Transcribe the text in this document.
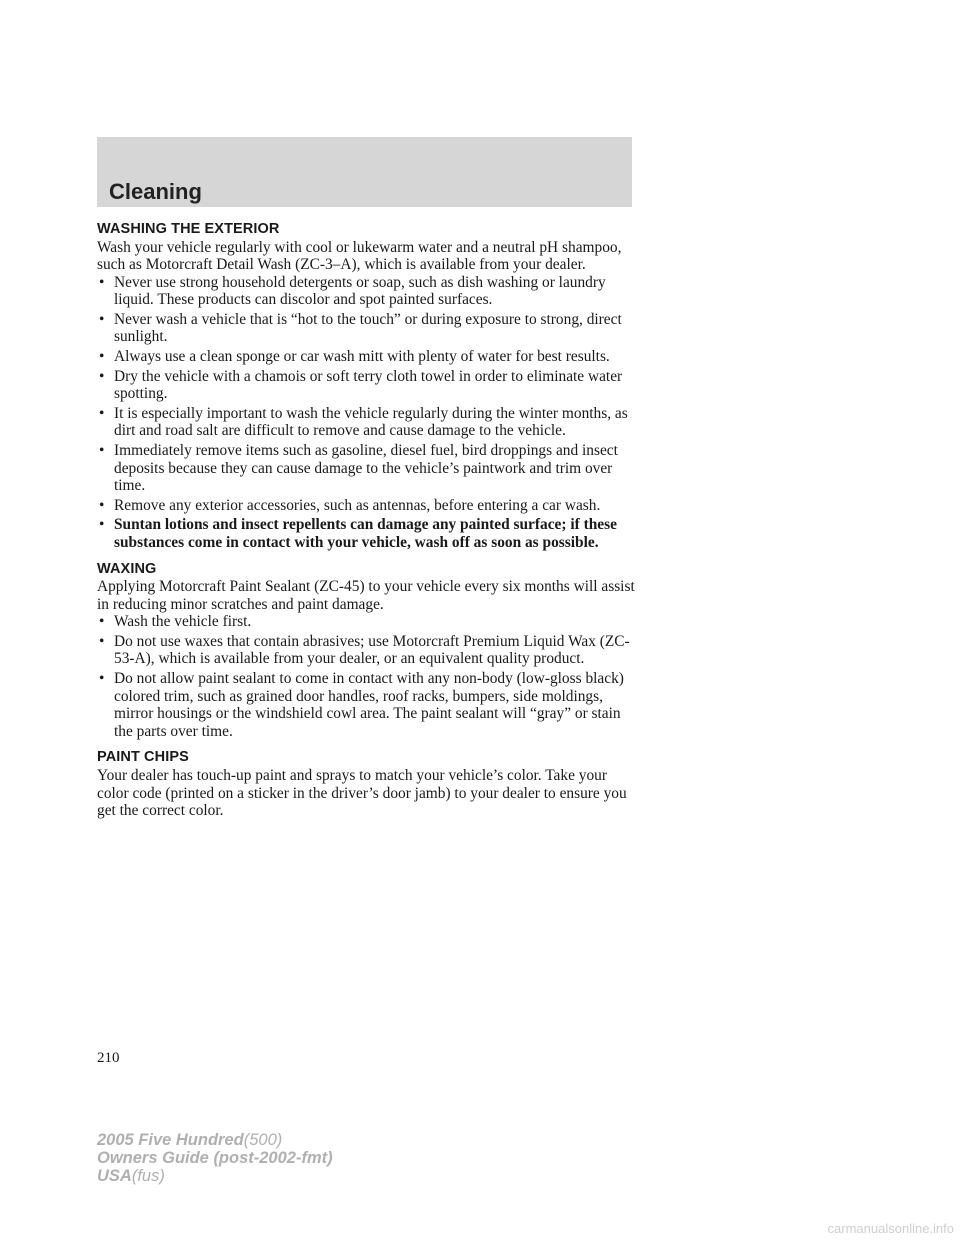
Cleaning
WASHING THE EXTERIOR

Wash your vehicle regularly with cool or lukewarm water and a neutral pH shampoo, such as Motorcraft Detail Wash (ZC-3–A), which is available from your dealer.

• Never use strong household detergents or soap, such as dish washing or laundry liquid. These products can discolor and spot painted surfaces.
• Never wash a vehicle that is “hot to the touch” or during exposure to strong, direct sunlight.
• Always use a clean sponge or car wash mitt with plenty of water for best results.
• Dry the vehicle with a chamois or soft terry cloth towel in order to eliminate water spotting.
• It is especially important to wash the vehicle regularly during the winter months, as dirt and road salt are difficult to remove and cause damage to the vehicle.
• Immediately remove items such as gasoline, diesel fuel, bird droppings and insect deposits because they can cause damage to the vehicle’s paintwork and trim over time.
• Remove any exterior accessories, such as antennas, before entering a car wash.
• Suntan lotions and insect repellents can damage any painted surface; if these substances come in contact with your vehicle, wash off as soon as possible.
WAXING

Applying Motorcraft Paint Sealant (ZC-45) to your vehicle every six months will assist in reducing minor scratches and paint damage.

• Wash the vehicle first.
• Do not use waxes that contain abrasives; use Motorcraft Premium Liquid Wax (ZC-53-A), which is available from your dealer, or an equivalent quality product.
• Do not allow paint sealant to come in contact with any non-body (low-gloss black) colored trim, such as grained door handles, roof racks, bumpers, side moldings, mirror housings or the windshield cowl area. The paint sealant will “gray” or stain the parts over time.
PAINT CHIPS

Your dealer has touch-up paint and sprays to match your vehicle’s color. Take your color code (printed on a sticker in the driver’s door jamb) to your dealer to ensure you get the correct color.

210
2005 Five Hundred(500)
Owners Guide (post-2002-fmt)
USA(fus)
carmanualsonline.info
